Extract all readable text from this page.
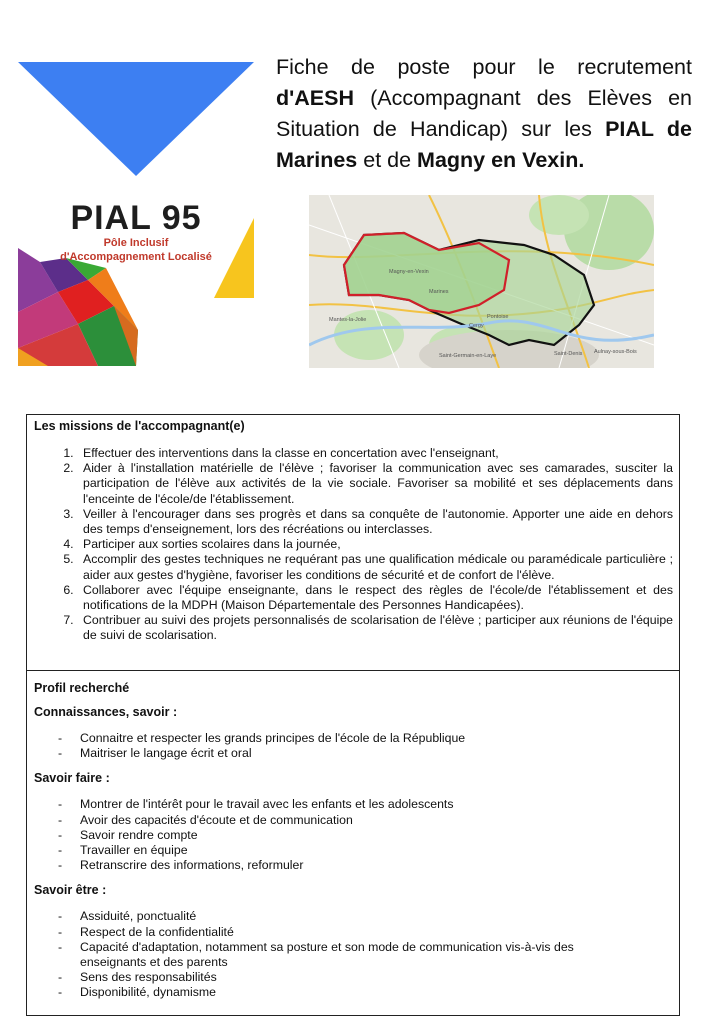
PIAL 95
Pôle Inclusif
d'Accompagnement Localisé
Fiche de poste pour le recrutement d'AESH (Accompagnant des Elèves en Situation de Handicap) sur les PIAL de Marines et de Magny en Vexin.
Magny-en-Vexin
Marines
Pontoise
Cergy
Saint-Denis Aulnay-sous-Bois
Mantes-la-Jolie
Saint-Germain-en-Laye
Les missions de l'accompagnant(e)
1. Effectuer des interventions dans la classe en concertation avec l'enseignant,
2. Aider à l'installation matérielle de l'élève ; favoriser la communication avec ses camarades, susciter la participation de l'élève aux activités de la vie sociale. Favoriser sa mobilité et ses déplacements dans l'enceinte de l'école/de l'établissement.
3. Veiller à l'encourager dans ses progrès et dans sa conquête de l'autonomie. Apporter une aide en dehors des temps d'enseignement, lors des récréations ou interclasses.
4. Participer aux sorties scolaires dans la journée,
5. Accomplir des gestes techniques ne requérant pas une qualification médicale ou paramédicale particulière ; aider aux gestes d'hygiène, favoriser les conditions de sécurité et de confort de l'élève.
6. Collaborer avec l'équipe enseignante, dans le respect des règles de l'école/de l'établissement et des notifications de la MDPH (Maison Départementale des Personnes Handicapées).
7. Contribuer au suivi des projets personnalisés de scolarisation de l'élève ; participer aux réunions de l'équipe de suivi de scolarisation.
Profil recherché
Connaissances, savoir :
- Connaitre et respecter les grands principes de l'école de la République
- Maitriser le langage écrit et oral
Savoir faire :
- Montrer de l'intérêt pour le travail avec les enfants et les adolescents
- Avoir des capacités d'écoute et de communication
- Savoir rendre compte
- Travailler en équipe
- Retranscrire des informations, reformuler
Savoir être :
- Assiduité, ponctualité
- Respect de la confidentialité
- Capacité d'adaptation, notamment sa posture et son mode de communication vis-à-vis des enseignants et des parents
- Sens des responsabilités
- Disponibilité, dynamisme
